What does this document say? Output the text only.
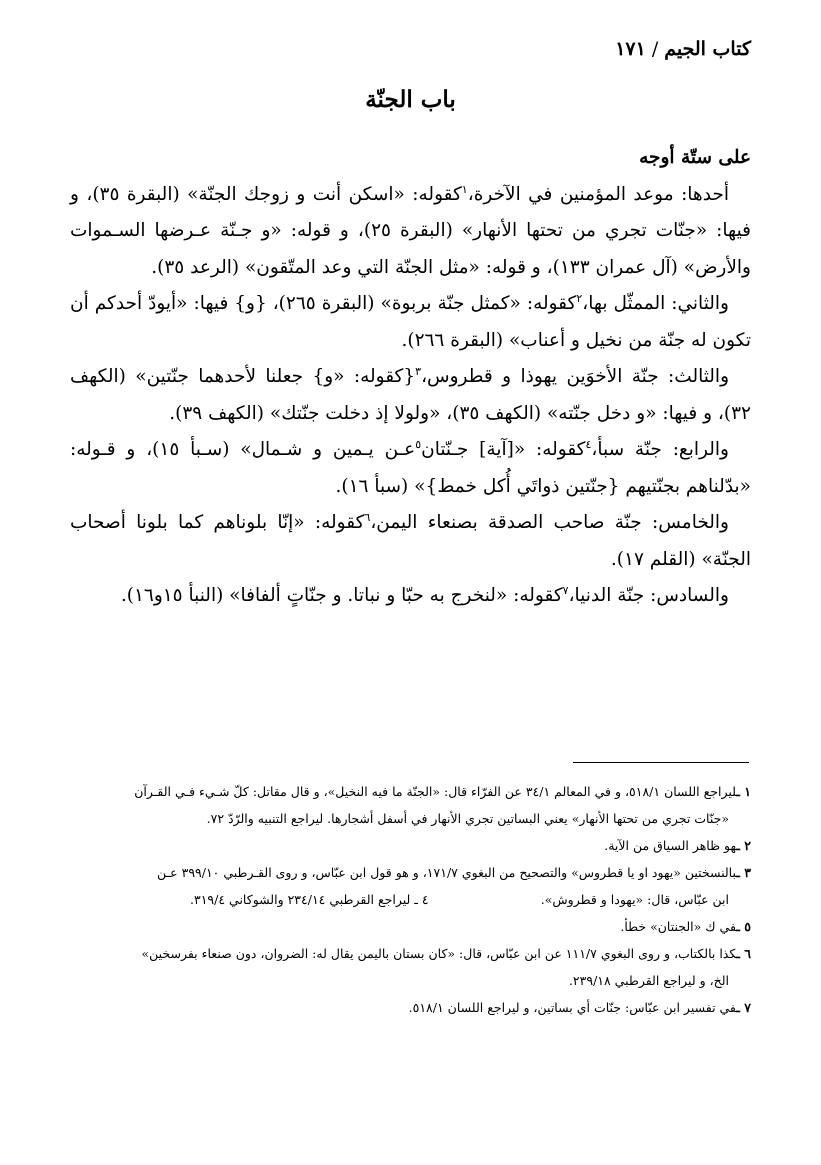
كتاب الجيم/١٧١
باب الجنّة

على ستّة أوجه

أحدها: موعد المؤمنين في الآخرة،$^١$كقوله: «اسكن أنت و زوجك الجنّة» (البقرة ٣٥)، و فيها: «جنّات تجري من تحتها الأنهار» (البقرة ٢٥)، و قوله: «و جـنّة عـرضها السـموات والأرض» (آل عمران ١٣٣)، و قوله: «مثل الجنّة التي وعد المتّقون» (الرعد ٣٥).

والثاني: الممثّل بها،$^٢$كقوله: «كمثل جنّة بربوة» (البقرة ٢٦٥)، {و} فيها: «أيودّ أحدكم أن تكون له جنّة من نخيل و أعناب» (البقرة ٢٦٦).

والثالث: جنّة الأخوَين يهوذا و قطروس،$^٣${كقوله: «و} جعلنا لأحدهما جنّتين» (الكهف ٣٢)، و فيها: «و دخل جنّته» (الكهف ٣٥)، «ولولا إذ دخلت جنّتك» (الكهف ٣٩).

والرابع: جنّة سبأ،$^٤$كقوله: «[آية] جـنّتان$^٥$عـن يـمين و شـمال» (سـبأ ١٥)، و قـوله: «بدّلناهم بجنّتيهم {جنّتين ذواتَي أُكل خمط}» (سبأ ١٦).

والخامس: جنّة صاحب الصدقة بصنعاء اليمن،$^٦$كقوله: «إنّا بلوناهم كما بلونا أصحاب الجنّة» (القلم ١٧).

والسادس: جنّة الدنيا،$^٧$كقوله: «لنخرج به حبّا و نباتا. و جنّاتٍ ألفافا» (النبأ ١٥و١٦).

١ ـليراجع اللسان ٥١٨/١، و في المعالم ٣٤/١ عن الفرّاء قال: «الجنّة ما فيه النخيل»، و قال مقاتل: كلّ شـيء فـي القـرآن

«جنّات تجري من تحتها الأنهار» يعني البساتين تجري الأنهار في أسفل أشجارها. ليراجع التنبيه والرّدّ ٧٢.

٢ ـهو ظاهر السياق من الآية.

٣ ـبالنسختين «يهود او يا قطروس» والتصحيح من البغوي ١٧١/٧، و هو قول ابن عبّاس، و روى القـرطبي ٣٩٩/١٠ عـن

ابن عبّاس، قال: «يهودا و قطروش».
٤ ـ ليراجع القرطبي ٢٣٤/١٤ والشوكاني ٣١٩/٤.

٥ ـفي ك «الجنتان» خطأ.

٦ ـكذا بالكتاب، و روى البغوي ١١١/٧ عن ابن عبّاس، قال: «كان بستان باليمن يقال له: الضروان، دون صنعاء بفرسخين»

الخ، و ليراجع القرطبي ٢٣٩/١٨.

٧ ـفي تفسير ابن عبّاس: جنّات أي بساتين، و ليراجع اللسان ٥١٨/١.
